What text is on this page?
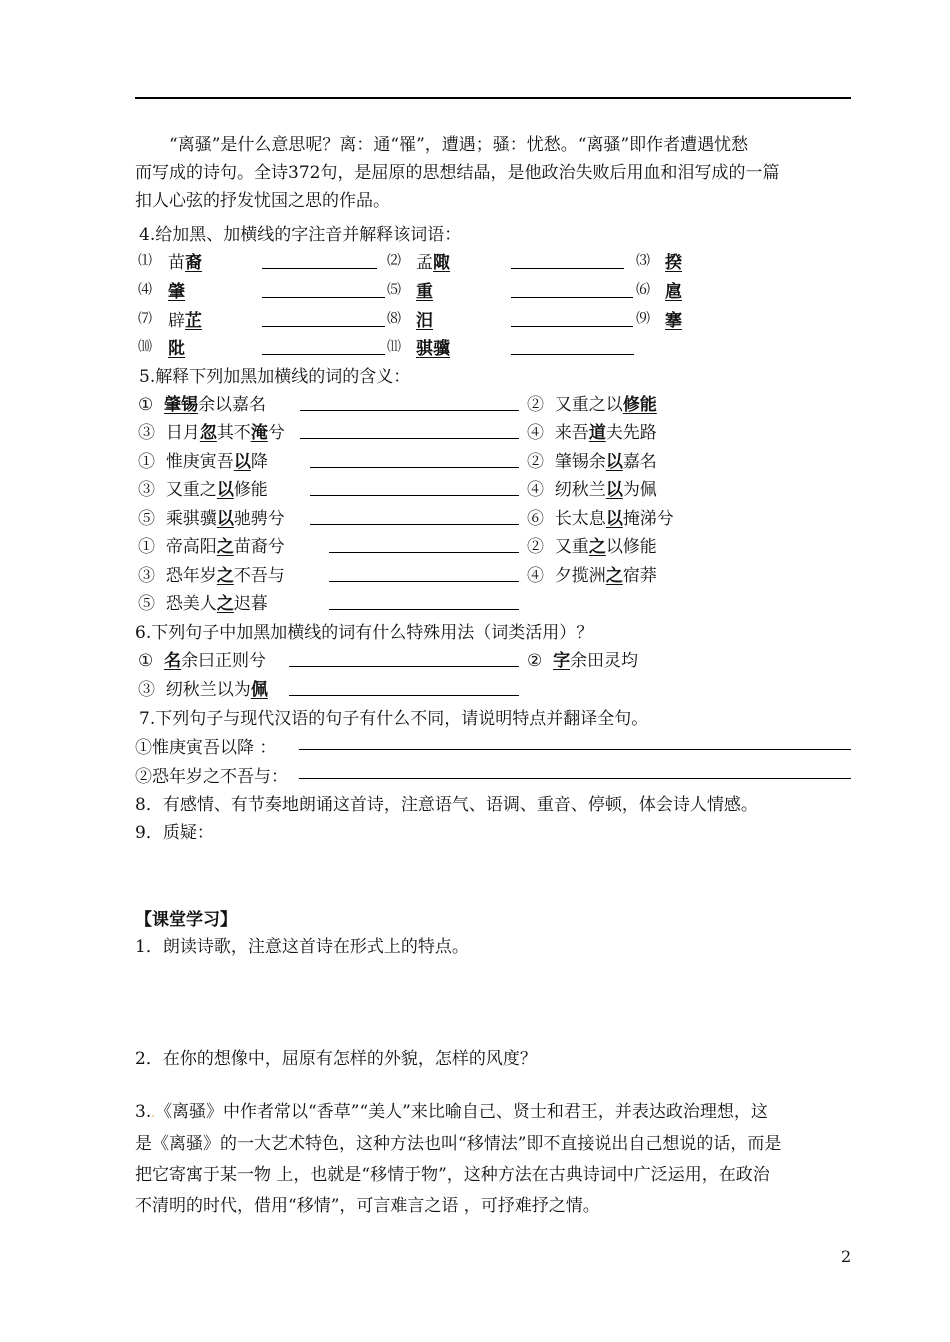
“离骚”是什么意思呢？离：通“罹”，遭遇；骚：忧愁。“离骚”即作者遭遇忧愁
而写成的诗句。全诗372句，是屈原的思想结晶，是他政治失败后用血和泪写成的一篇
扣人心弦的抒发忧国之思的作品。
4.给加黑、加横线的字注音并解释该词语：
⑴ 苗裔	⑵ 孟陬	⑶ 揆
⑷ 肇	⑸ 重	⑹ 扈
⑺ 辟芷	⑻ 汨	⑼ 搴
⑽ 阰	⑾ 骐骥
5.解释下列加黑加横线的词的含义：
① 肇锡余以嘉名	② 又重之以修能
③ 日月忽其不淹兮	④ 来吾道夫先路
① 惟庚寅吾以降	② 肇锡余以嘉名
③ 又重之以修能	④ 纫秋兰以为佩
⑤ 乘骐骥以驰骋兮	⑥ 长太息以掩涕兮
① 帝高阳之苗裔兮	② 又重之以修能
③ 恐年岁之不吾与	④ 夕揽洲之宿莽
⑤ 恐美人之迟暮
6.下列句子中加黑加横线的词有什么特殊用法（词类活用）？
① 名余曰正则兮	② 字余田灵均
③ 纫秋兰以为佩
7.下列句子与现代汉语的句子有什么不同，请说明特点并翻译全句。
①惟庚寅吾以降 ：
②恐年岁之不吾与：
8．有感情、有节奏地朗诵这首诗，注意语气、语调、重音、停顿，体会诗人情感。
9．质疑：
【课堂学习】
1．朗读诗歌，注意这首诗在形式上的特点。
2．在你的想像中，屈原有怎样的外貌，怎样的风度？
3..《离骚》中作者常以“香草”“美人”来比喻自己、贤士和君王，并表达政治理想，这
是《离骚》的一大艺术特色，这种方法也叫“移情法”即不直接说出自己想说的话，而是
把它寄寓于某一物 上，也就是“移情于物”，这种方法在古典诗词中广泛运用，在政治
不清明的时代，借用“移情”，可言难言之语 ，可抒难抒之情。
2
